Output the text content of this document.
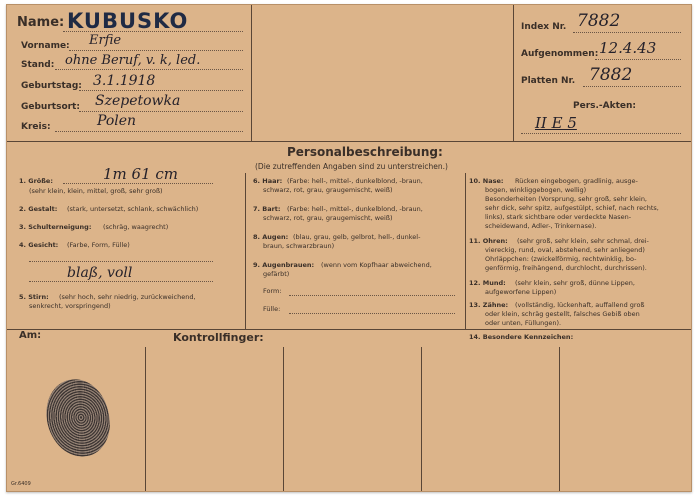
Name: KUBUSKO
Vorname: Erfie
Stand: ohne Beruf, v. k, led.
Geburtstag: 3.1.1918
Geburtsort: Szepetowka
Kreis:	Polen
Index Nr. 7882
Aufgenommen: 12.4.43
Platten Nr. 7882
Pers.-Akten:
II E 5
Personalbeschreibung:
(Die zutreffenden Angaben sind zu unterstreichen.)
1. Größe:	1m 61 cm
(sehr klein, klein, mittel, groß, sehr groß)
2. Gestalt: (stark, untersetzt, schlank, schwächlich)
3. Schulterneigung: (schräg, waagrecht)
4. Gesicht: (Farbe, Form, Fülle)
blaß, voll
5. Stirn: (sehr hoch, sehr niedrig, zurückweichend,
senkrecht, vorspringend)
6. Haar: (Farbe: hell-, mittel-, dunkelblond, -braun,
schwarz, rot, grau, graugemischt, weiß)
7. Bart: (Farbe: hell-, mittel-, dunkelblond, -braun,
schwarz, rot, grau, graugemischt, weiß)
8. Augen: (blau, grau, gelb, gelbrot, hell-, dunkel-
braun, schwarzbraun)
9. Augenbrauen: (wenn vom Kopfhaar abweichend,
gefärbt)
Form:
Fülle:
10. Nase: Rücken eingebogen, gradlinig, ausge-
bogen, winkliggebogen, wellig)
Besonderheiten (Vorsprung, sehr groß, sehr klein,
sehr dick, sehr spitz, aufgestülpt, schief, nach rechts,
links), stark sichtbare oder verdeckte Nasen-
scheidewand, Adler-, Trinkernase).
11. Ohren: (sehr groß, sehr klein, sehr schmal, drei-
viereckig, rund, oval, abstehend, sehr anliegend)
Ohrläppchen: (zwickelförmig, rechtwinklig, bo-
genförmig, freihängend, durchlocht, durchrissen).
12. Mund: (sehr klein, sehr groß, dünne Lippen,
aufgeworfene Lippen)
13. Zähne: (vollständig, lückenhaft, auffallend groß
oder klein, schräg gestellt, falsches Gebiß oben
oder unten, Füllungen).
14. Besondere Kennzeichen:
Am:	Kontrollfinger:
Gr.6409
